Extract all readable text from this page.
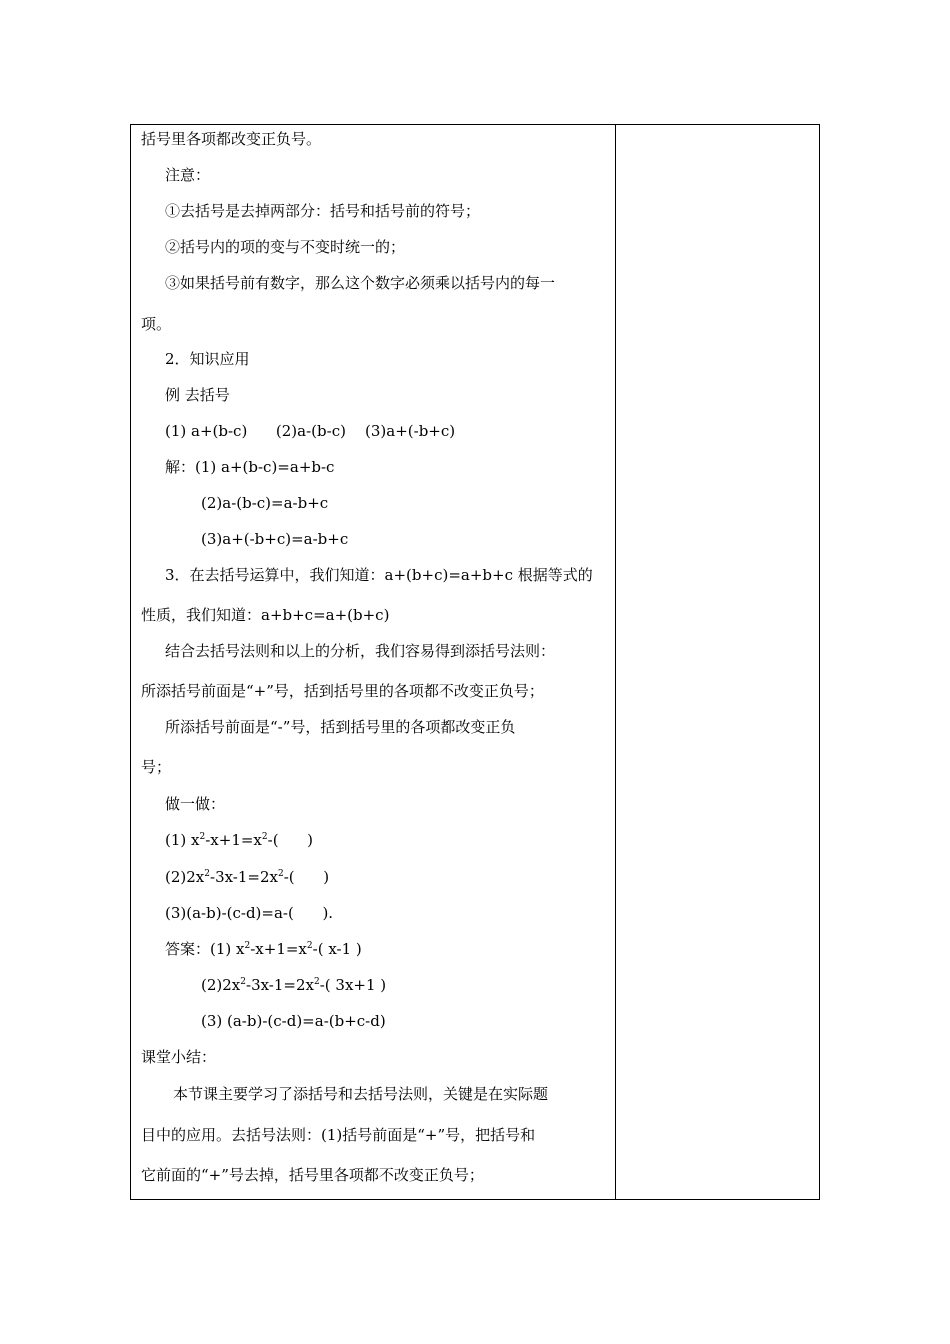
括号里各项都改变正负号。
注意：
①去括号是去掉两部分：括号和括号前的符号；
②括号内的项的变与不变时统一的；
③如果括号前有数字，那么这个数字必须乘以括号内的每一
项。
2．知识应用
例 去括号
(1) a+(b-c)      (2)a-(b-c)    (3)a+(-b+c)
解：(1) a+(b-c)=a+b-c
(2)a-(b-c)=a-b+c
(3)a+(-b+c)=a-b+c
3．在去括号运算中，我们知道：a+(b+c)=a+b+c 根据等式的
性质，我们知道：a+b+c=a+(b+c)
结合去括号法则和以上的分析，我们容易得到添括号法则：
所添括号前面是“+”号，括到括号里的各项都不改变正负号；
所添括号前面是“-”号，括到括号里的各项都改变正负
号；
做一做：
(1) $x^2-x+1=x^2-$(      )
$(2)2x^2-3x-1=2x^2-$(      )
(3)(a-b)-(c-d)=a-(      ).
答案：(1) $x^2-x+1=x^2-$( x-1 )
$(2)2x^2-3x-1=2x^2-$( 3x+1 )
(3) (a-b)-(c-d)=a-(b+c-d)
课堂小结：
本节课主要学习了添括号和去括号法则，关键是在实际题
目中的应用。去括号法则：(1)括号前面是“+”号，把括号和
它前面的“+”号去掉，括号里各项都不改变正负号；
